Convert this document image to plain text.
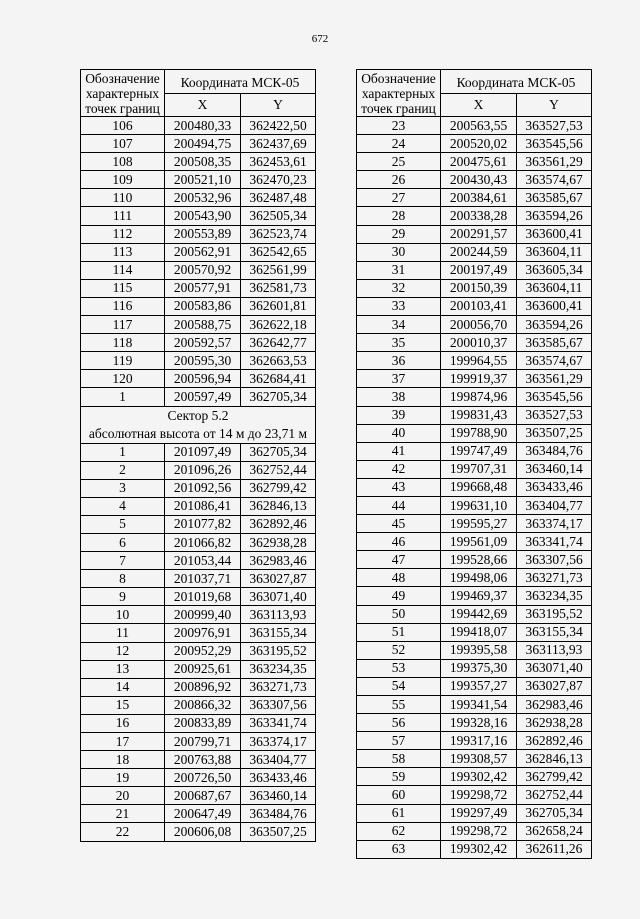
672
Обозначение характерных точек границ	Координата МСК-05	
	X	Y
106	200480,33	362422,50
107	200494,75	362437,69
108	200508,35	362453,61
109	200521,10	362470,23
110	200532,96	362487,48
111	200543,90	362505,34
112	200553,89	362523,74
113	200562,91	362542,65
114	200570,92	362561,99
115	200577,91	362581,73
116	200583,86	362601,81
117	200588,75	362622,18
118	200592,57	362642,77
119	200595,30	362663,53
120	200596,94	362684,41
1	200597,49	362705,34

Сектор 5.2
абсолютная высота от 14 м до 23,71 м		

1	201097,49	362705,34
2	201096,26	362752,44
3	201092,56	362799,42
4	201086,41	362846,13
5	201077,82	362892,46
6	201066,82	362938,28
7	201053,44	362983,46
8	201037,71	363027,87
9	201019,68	363071,40
10	200999,40	363113,93
11	200976,91	363155,34
12	200952,29	363195,52
13	200925,61	363234,35
14	200896,92	363271,73
15	200866,32	363307,56
16	200833,89	363341,74
17	200799,71	363374,17
18	200763,88	363404,77
19	200726,50	363433,46
20	200687,67	363460,14
21	200647,49	363484,76
22	200606,08	363507,25
Обозначение характерных точек границ	Координата МСК-05	
	X	Y
23	200563,55	363527,53
24	200520,02	363545,56
25	200475,61	363561,29
26	200430,43	363574,67
27	200384,61	363585,67
28	200338,28	363594,26
29	200291,57	363600,41
30	200244,59	363604,11
31	200197,49	363605,34
32	200150,39	363604,11
33	200103,41	363600,41
34	200056,70	363594,26
35	200010,37	363585,67
36	199964,55	363574,67
37	199919,37	363561,29
38	199874,96	363545,56
39	199831,43	363527,53
40	199788,90	363507,25
41	199747,49	363484,76
42	199707,31	363460,14
43	199668,48	363433,46
44	199631,10	363404,77
45	199595,27	363374,17
46	199561,09	363341,74
47	199528,66	363307,56
48	199498,06	363271,73
49	199469,37	363234,35
50	199442,69	363195,52
51	199418,07	363155,34
52	199395,58	363113,93
53	199375,30	363071,40
54	199357,27	363027,87
55	199341,54	362983,46
56	199328,16	362938,28
57	199317,16	362892,46
58	199308,57	362846,13
59	199302,42	362799,42
60	199298,72	362752,44
61	199297,49	362705,34
62	199298,72	362658,24
63	199302,42	362611,26
